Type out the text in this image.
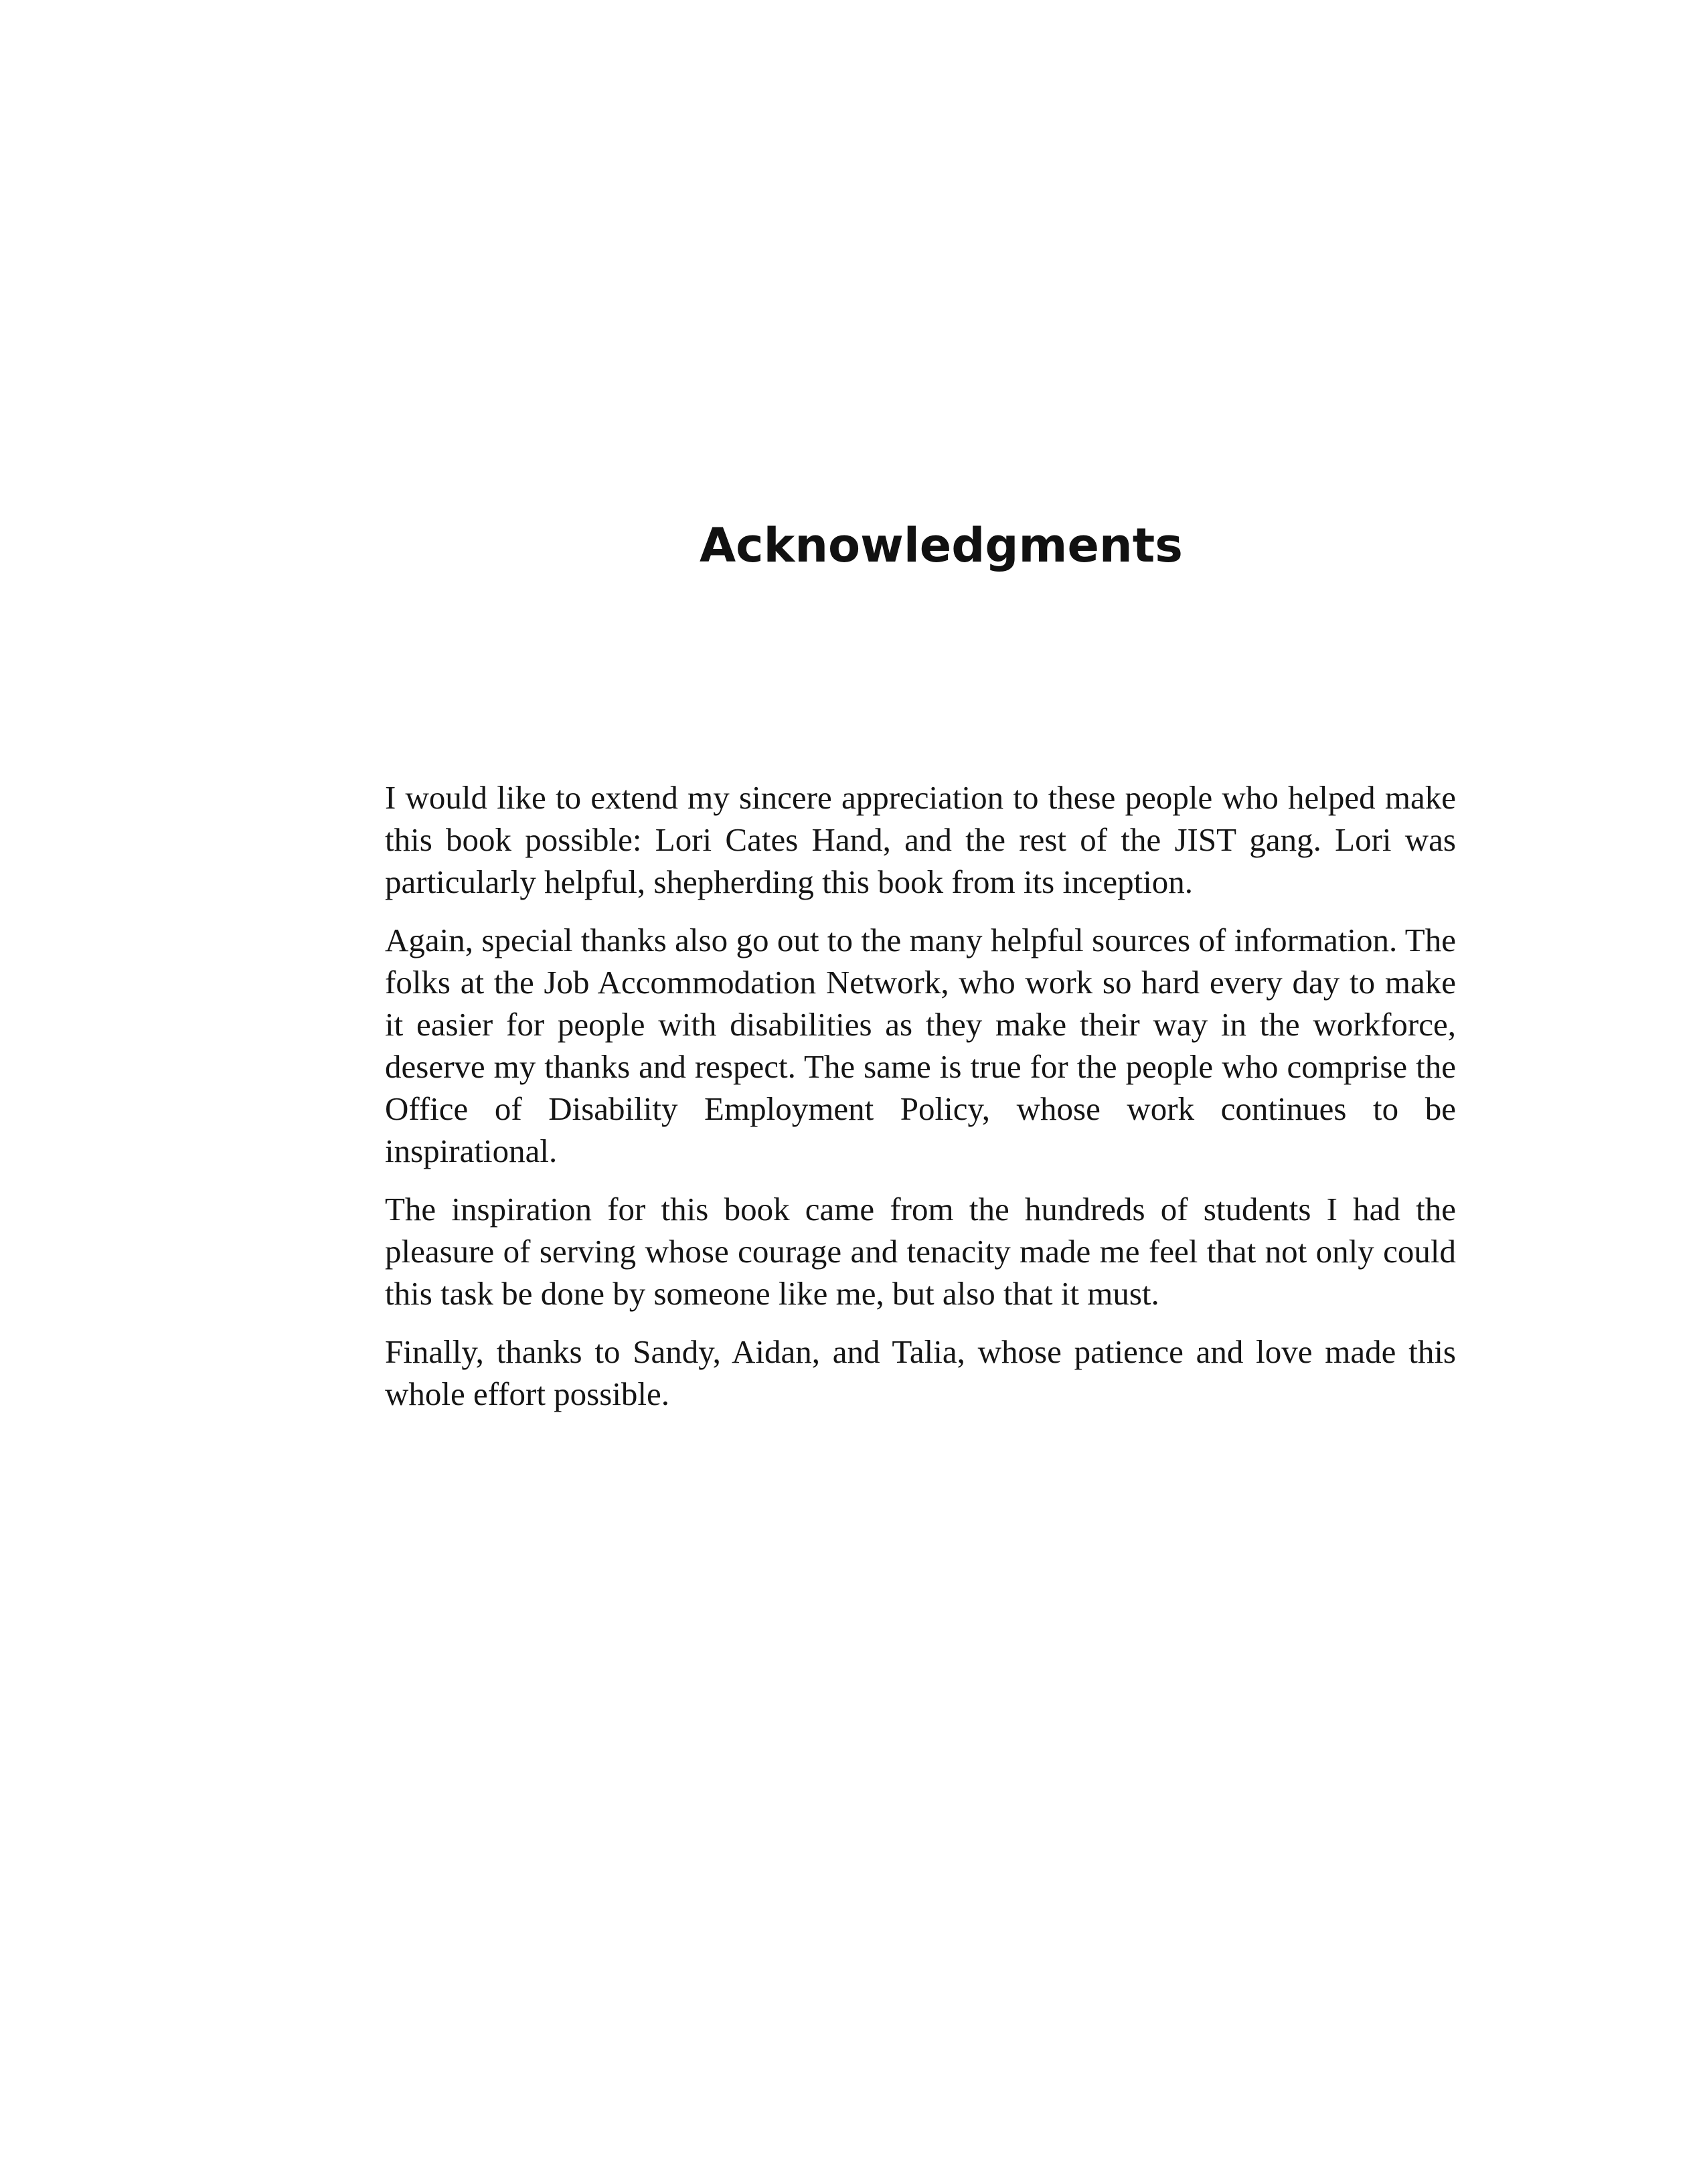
Acknowledgments

I would like to extend my sincere appreciation to these people who helped make this book possible: Lori Cates Hand, and the rest of the JIST gang. Lori was particularly helpful, shepherding this book from its inception.

Again, special thanks also go out to the many helpful sources of information. The folks at the Job Accommodation Network, who work so hard every day to make it easier for people with disabilities as they make their way in the workforce, deserve my thanks and respect. The same is true for the people who comprise the Office of Disability Employment Policy, whose work continues to be inspirational.

The inspiration for this book came from the hundreds of students I had the pleasure of serving whose courage and tenacity made me feel that not only could this task be done by someone like me, but also that it must.

Finally, thanks to Sandy, Aidan, and Talia, whose patience and love made this whole effort possible.
